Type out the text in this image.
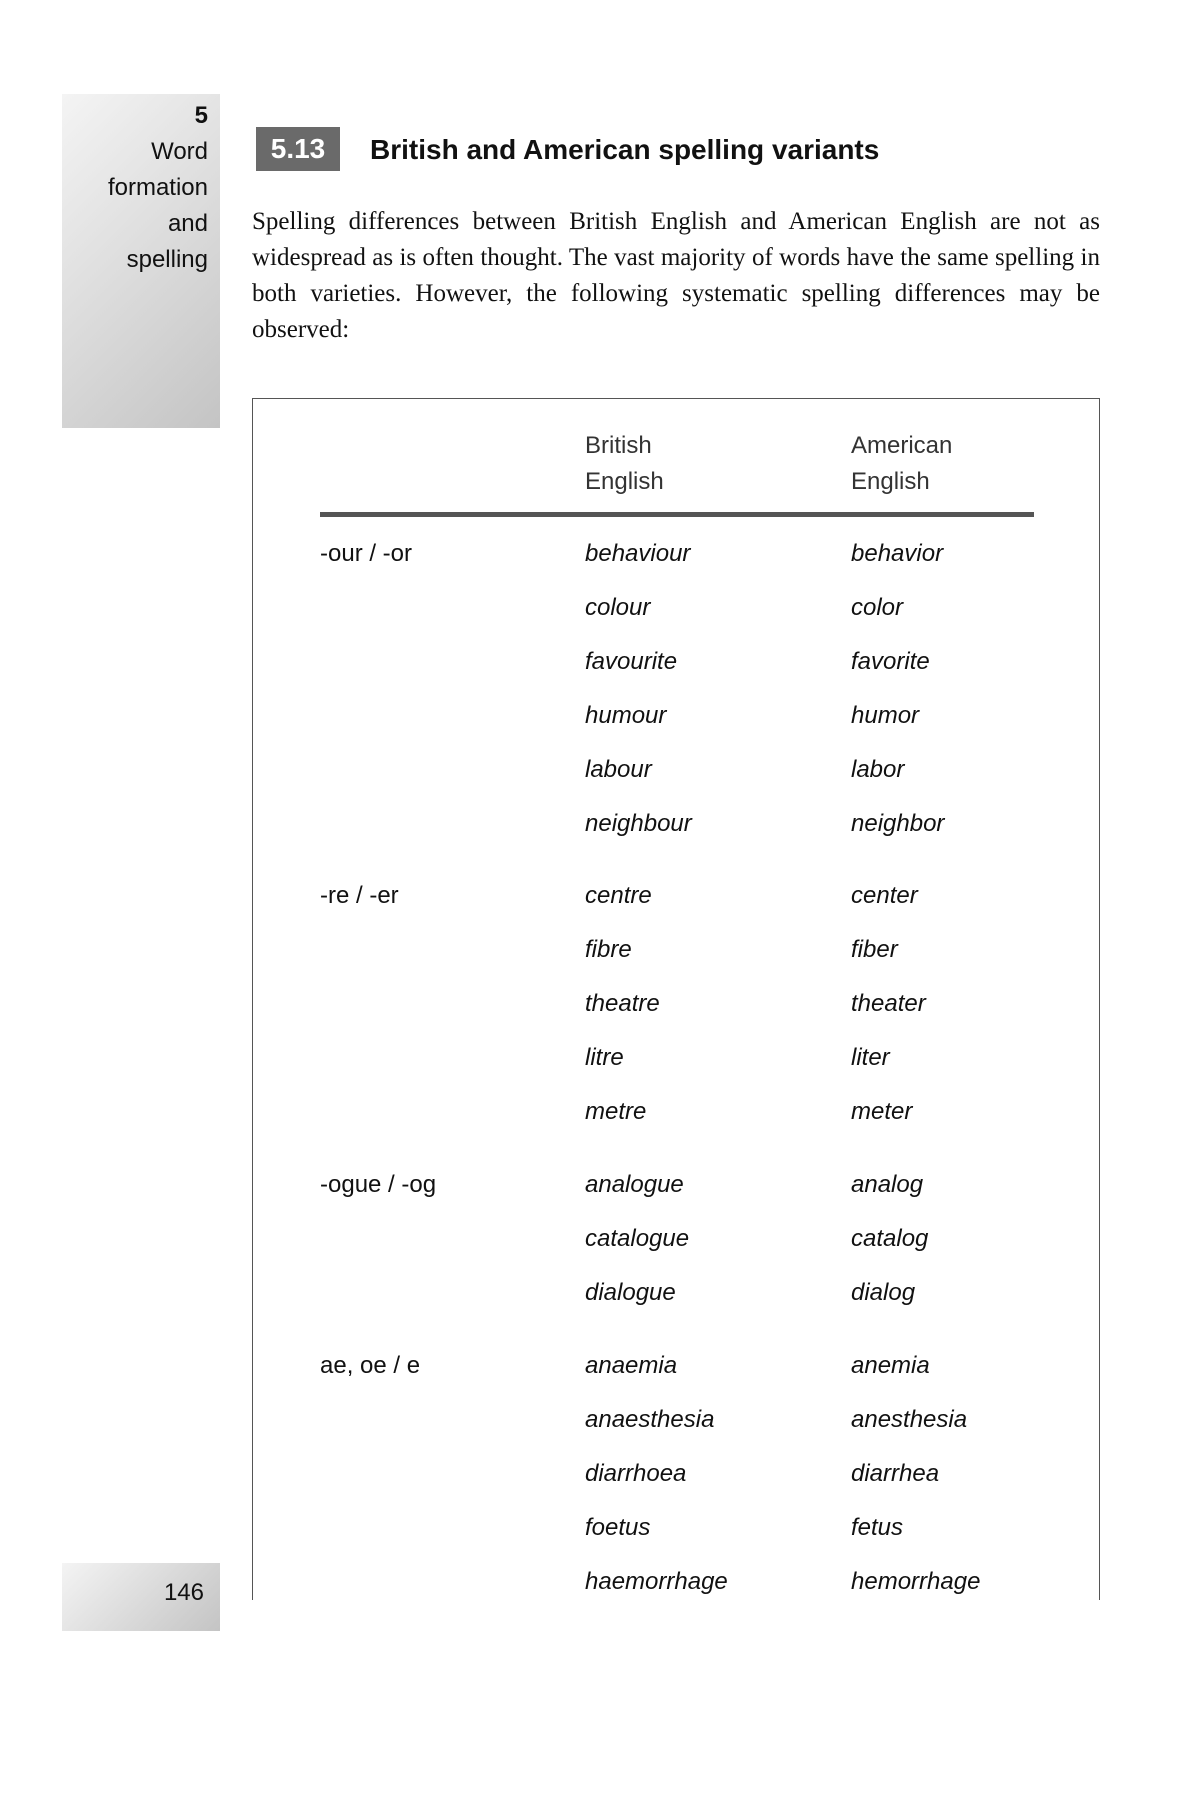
5
Word
formation
and
spelling
5.13	British and American spelling variants
Spelling differences between British English and American English are not as widespread as is often thought. The vast majority of words have the same spelling in both varieties. However, the following systematic spelling differences may be observed:
British
English
American
English
-our / -or	behaviour	behavior
colour	color
favourite	favorite
humour	humor
labour	labor
neighbour	neighbor
-re / -er	centre	center
fibre	fiber
theatre	theater
litre	liter
metre	meter
-ogue / -og	analogue	analog
catalogue	catalog
dialogue	dialog
ae, oe / e	anaemia	anemia
anaesthesia	anesthesia
diarrhoea	diarrhea
foetus	fetus
haemorrhage	hemorrhage
146
